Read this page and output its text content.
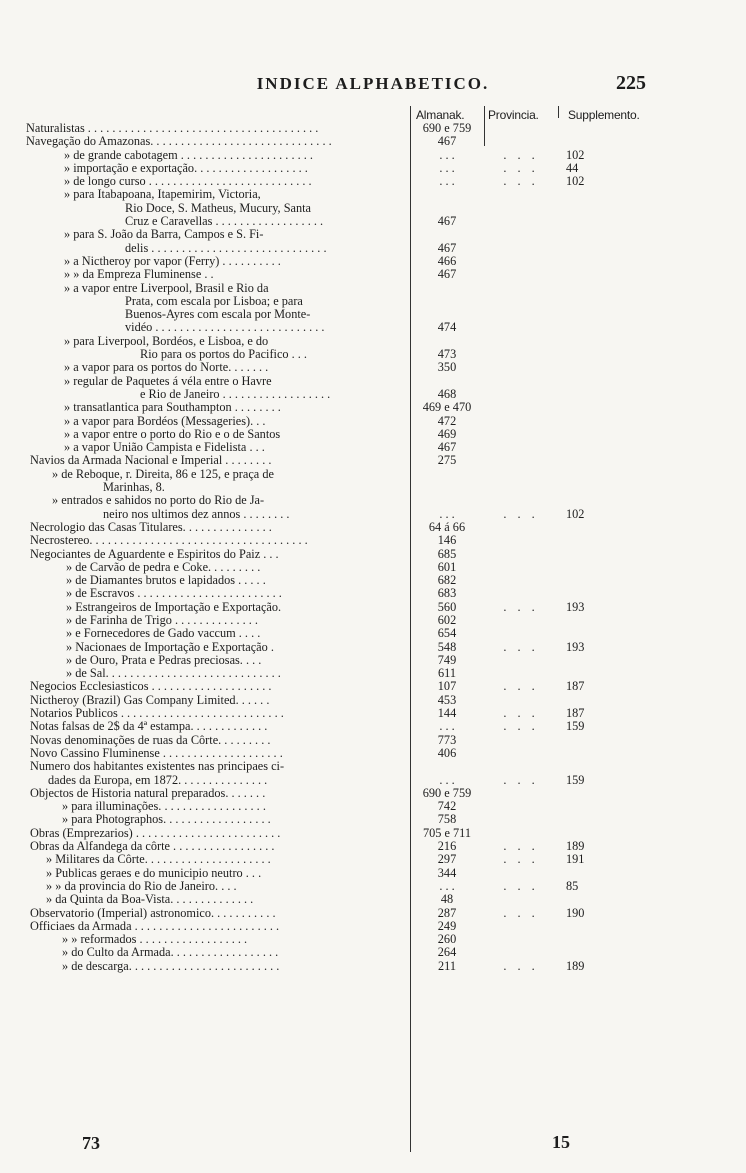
INDICE ALPHABETICO.	225
Almanak. Provincia. Supplemento.
Naturalistas . . . . . . . . . . . . . . . . . . . . . . . . . . . . . . . . . . . . . .	690 e 759
Navegação do Amazonas. . . . . . . . . . . . . . . . . . . . . . . . . . . . . .	467
» de grande cabotagem . . . . . . . . . . . . . . . . . . . . . .	. . .	. . .	102
» importação e exportação. . . . . . . . . . . . . . . . . . .	. . .	. . .	44
» de longo curso . . . . . . . . . . . . . . . . . . . . . . . . . . .	. . .	. . .	102
» para Itabapoana, Itapemirim, Victoria,
Rio Doce, S. Matheus, Mucury, Santa
Cruz e Caravellas . . . . . . . . . . . . . . . . . .	467
» para S. João da Barra, Campos e S. Fi-
delis . . . . . . . . . . . . . . . . . . . . . . . . . . . . .	467
» a Nictheroy por vapor (Ferry) . . . . . . . . . .	466
» » da Empreza Fluminense . .	467
» a vapor entre Liverpool, Brasil e Rio da
Prata, com escala por Lisboa; e para
Buenos-Ayres com escala por Monte-
vidéo . . . . . . . . . . . . . . . . . . . . . . . . . . . .	474
» para Liverpool, Bordéos, e Lisboa, e do
Rio para os portos do Pacifico . . .	473
» a vapor para os portos do Norte. . . . . . .	350
» regular de Paquetes á véla entre o Havre
e Rio de Janeiro . . . . . . . . . . . . . . . . . .	468
» transatlantica para Southampton . . . . . . . .	469 e 470
» a vapor para Bordéos (Messageries). . .	472
» a vapor entre o porto do Rio e o de Santos	469
» a vapor União Campista e Fidelista . . .	467
Navios da Armada Nacional e Imperial . . . . . . . .	275
» de Reboque, r. Direita, 86 e 125, e praça de
Marinhas, 8.
» entrados e sahidos no porto do Rio de Ja-
neiro nos ultimos dez annos . . . . . . . .	. . .	. . .	102
Necrologio das Casas Titulares. . . . . . . . . . . . . . .	64 á 66
Necrostereo. . . . . . . . . . . . . . . . . . . . . . . . . . . . . . . . . . . .	146
Negociantes de Aguardente e Espiritos do Paiz . . .	685
» de Carvão de pedra e Coke. . . . . . . . .	601
» de Diamantes brutos e lapidados . . . . .	682
» de Escravos . . . . . . . . . . . . . . . . . . . . . . . .	683
» Estrangeiros de Importação e Exportação.	560	. . .	193
» de Farinha de Trigo . . . . . . . . . . . . . .	602
» e Fornecedores de Gado vaccum . . . .	654
» Nacionaes de Importação e Exportação .	548	. . .	193
» de Ouro, Prata e Pedras preciosas. . . .	749
» de Sal. . . . . . . . . . . . . . . . . . . . . . . . . . . . .	611
Negocios Ecclesiasticos . . . . . . . . . . . . . . . . . . . .	107	. . .	187
Nictheroy (Brazil) Gas Company Limited. . . . . .	453
Notarios Publicos . . . . . . . . . . . . . . . . . . . . . . . . . . .	144	. . .	187
Notas falsas de 2$ da 4ª estampa. . . . . . . . . . . . .	. . .	. . .	159
Novas denominações de ruas da Côrte. . . . . . . . .	773
Novo Cassino Fluminense . . . . . . . . . . . . . . . . . . . .	406
Numero dos habitantes existentes nas principaes ci-
dades da Europa, em 1872. . . . . . . . . . . . . . .	. . .	. . .	159
Objectos de Historia natural preparados. . . . . . .	690 e 759
» para illuminações. . . . . . . . . . . . . . . . . .	742
» para Photographos. . . . . . . . . . . . . . . . . .	758
Obras (Emprezarios) . . . . . . . . . . . . . . . . . . . . . . . .	705 e 711
Obras da Alfandega da côrte . . . . . . . . . . . . . . . . .	216	. . .	189
» Militares da Côrte. . . . . . . . . . . . . . . . . . . . .	297	. . .	191
» Publicas geraes e do municipio neutro . . .	344
» » da provincia do Rio de Janeiro. . . .	. . .	. . .	85
» da Quinta da Boa-Vista. . . . . . . . . . . . . .	48
Observatorio (Imperial) astronomico. . . . . . . . . . .	287	. . .	190
Officiaes da Armada . . . . . . . . . . . . . . . . . . . . . . . .	249
» » reformados . . . . . . . . . . . . . . . . . .	260
» do Culto da Armada. . . . . . . . . . . . . . . . . .	264
» de descarga. . . . . . . . . . . . . . . . . . . . . . . . .	211	. . .	189
73	15
